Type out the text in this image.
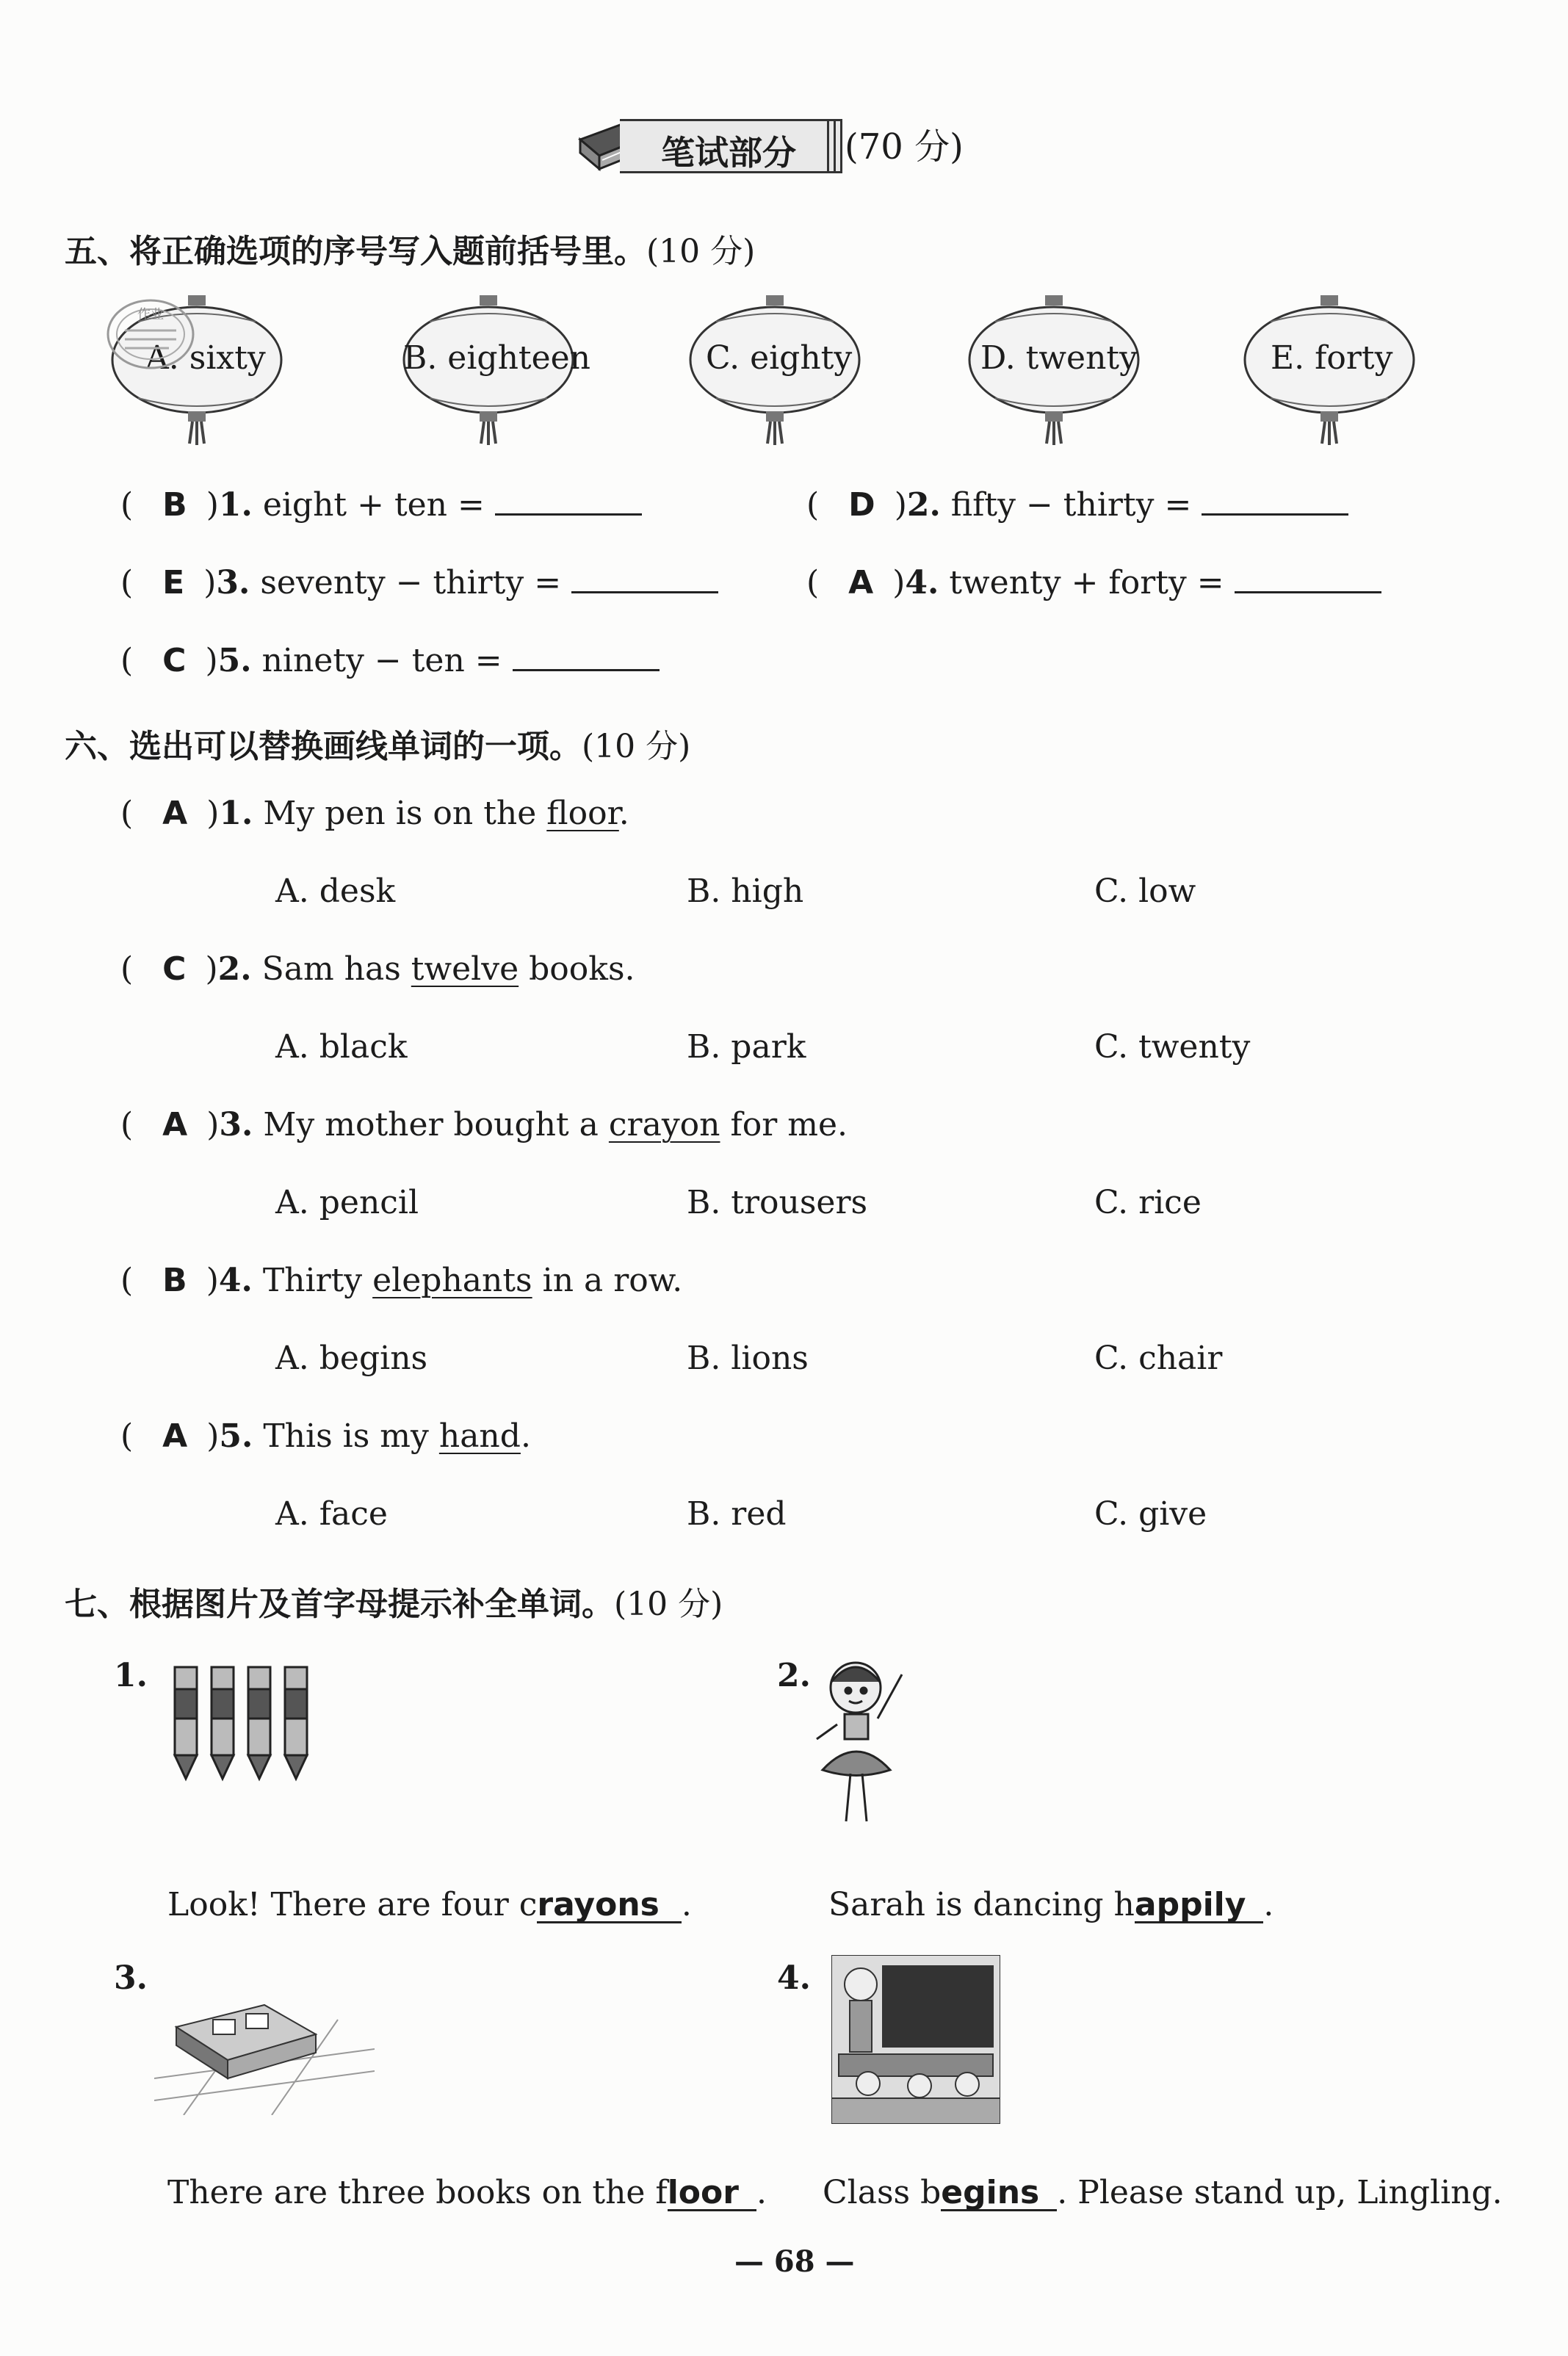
笔试部分 (70 分)
五、将正确选项的序号写入题前括号里。(10 分)
A. sixty	B. eighteen	C. eighty	D. twenty	E. forty
作业
( B )1. eight + ten =	( D )2. fifty − thirty =
( E )3. seventy − thirty =	( A )4. twenty + forty =
( C )5. ninety − ten =
六、选出可以替换画线单词的一项。(10 分)
( A )1. My pen is on the floor.
A. desk	B. high	C. low
( C )2. Sam has twelve books.
A. black	B. park	C. twenty
( A )3. My mother bought a crayon for me.
A. pencil	B. trousers	C. rice
( B )4. Thirty elephants in a row.
A. begins	B. lions	C. chair
( A )5. This is my hand.
A. face	B. red	C. give
七、根据图片及首字母提示补全单词。(10 分)
1.
Look! There are four crayons .
2.
Sarah is dancing happily .
3.
There are three books on the floor .
4.
Class begins . Please stand up, Lingling.
— 68 —
